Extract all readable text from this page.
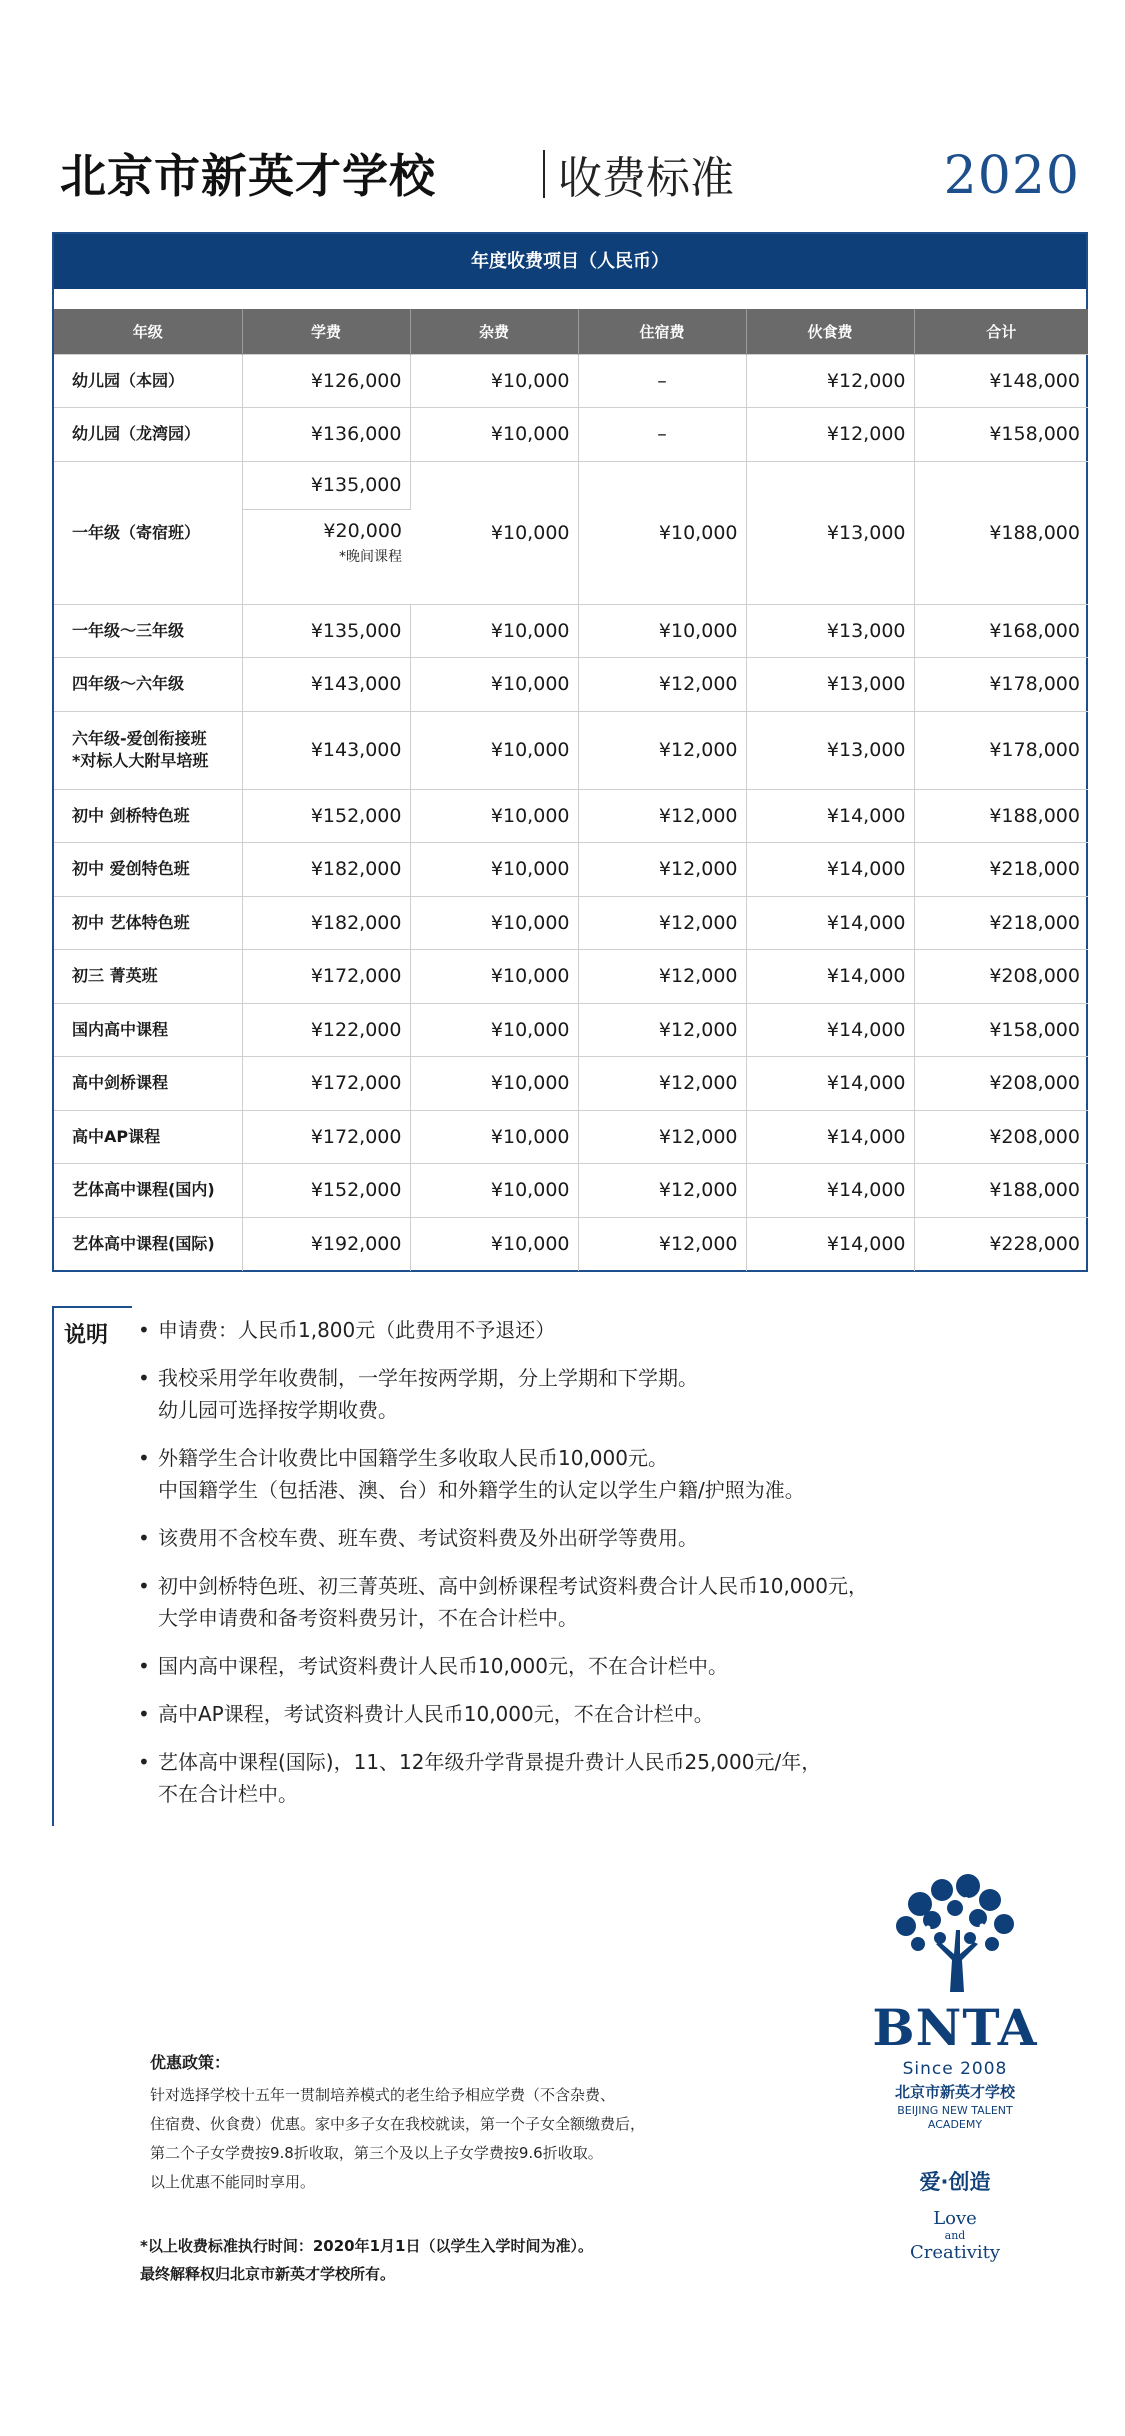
北京市新英才学校	收费标准	2020
年度收费项目（人民币）
年级	学费	杂费	住宿费	伙食费	合计
幼儿园（本园）	¥126,000	¥10,000	–	¥12,000	¥148,000
幼儿园（龙湾园）	¥136,000	¥10,000	–	¥12,000	¥158,000
一年级（寄宿班）	¥135,000	¥10,000	¥10,000	¥13,000	¥188,000
	¥20,000
*晚间课程				

一年级～三年级	¥135,000	¥10,000	¥10,000	¥13,000	¥168,000
四年级～六年级	¥143,000	¥10,000	¥12,000	¥13,000	¥178,000
六年级-爱创衔接班
*对标人大附早培班	¥143,000	¥10,000	¥12,000	¥13,000	¥178,000
初中 剑桥特色班	¥152,000	¥10,000	¥12,000	¥14,000	¥188,000
初中 爱创特色班	¥182,000	¥10,000	¥12,000	¥14,000	¥218,000
初中 艺体特色班	¥182,000	¥10,000	¥12,000	¥14,000	¥218,000
初三 菁英班	¥172,000	¥10,000	¥12,000	¥14,000	¥208,000
国内高中课程	¥122,000	¥10,000	¥12,000	¥14,000	¥158,000
高中剑桥课程	¥172,000	¥10,000	¥12,000	¥14,000	¥208,000
高中AP课程	¥172,000	¥10,000	¥12,000	¥14,000	¥208,000
艺体高中课程(国内)	¥152,000	¥10,000	¥12,000	¥14,000	¥188,000
艺体高中课程(国际)	¥192,000	¥10,000	¥12,000	¥14,000	¥228,000
说明	• 申请费：人民币1,800元（此费用不予退还）
• 我校采用学年收费制，一学年按两学期，分上学期和下学期。
幼儿园可选择按学期收费。
• 外籍学生合计收费比中国籍学生多收取人民币10,000元。
中国籍学生（包括港、澳、台）和外籍学生的认定以学生户籍/护照为准。
• 该费用不含校车费、班车费、考试资料费及外出研学等费用。
• 初中剑桥特色班、初三菁英班、高中剑桥课程考试资料费合计人民币10,000元，
大学申请费和备考资料费另计，不在合计栏中。
• 国内高中课程，考试资料费计人民币10,000元，不在合计栏中。
• 高中AP课程，考试资料费计人民币10,000元，不在合计栏中。
• 艺体高中课程(国际)，11、12年级升学背景提升费计人民币25,000元/年，
不在合计栏中。
优惠政策：
针对选择学校十五年一贯制培养模式的老生给予相应学费（不含杂费、
住宿费、伙食费）优惠。家中多子女在我校就读，第一个子女全额缴费后，
第二个子女学费按9.8折收取，第三个及以上子女学费按9.6折收取。
以上优惠不能同时享用。
*以上收费标准执行时间：2020年1月1日（以学生入学时间为准）。
最终解释权归北京市新英才学校所有。
BNTA
Since 2008
北京市新英才学校
BEIJING NEW TALENT
ACADEMY
爱·创造
Love
and
Creativity
